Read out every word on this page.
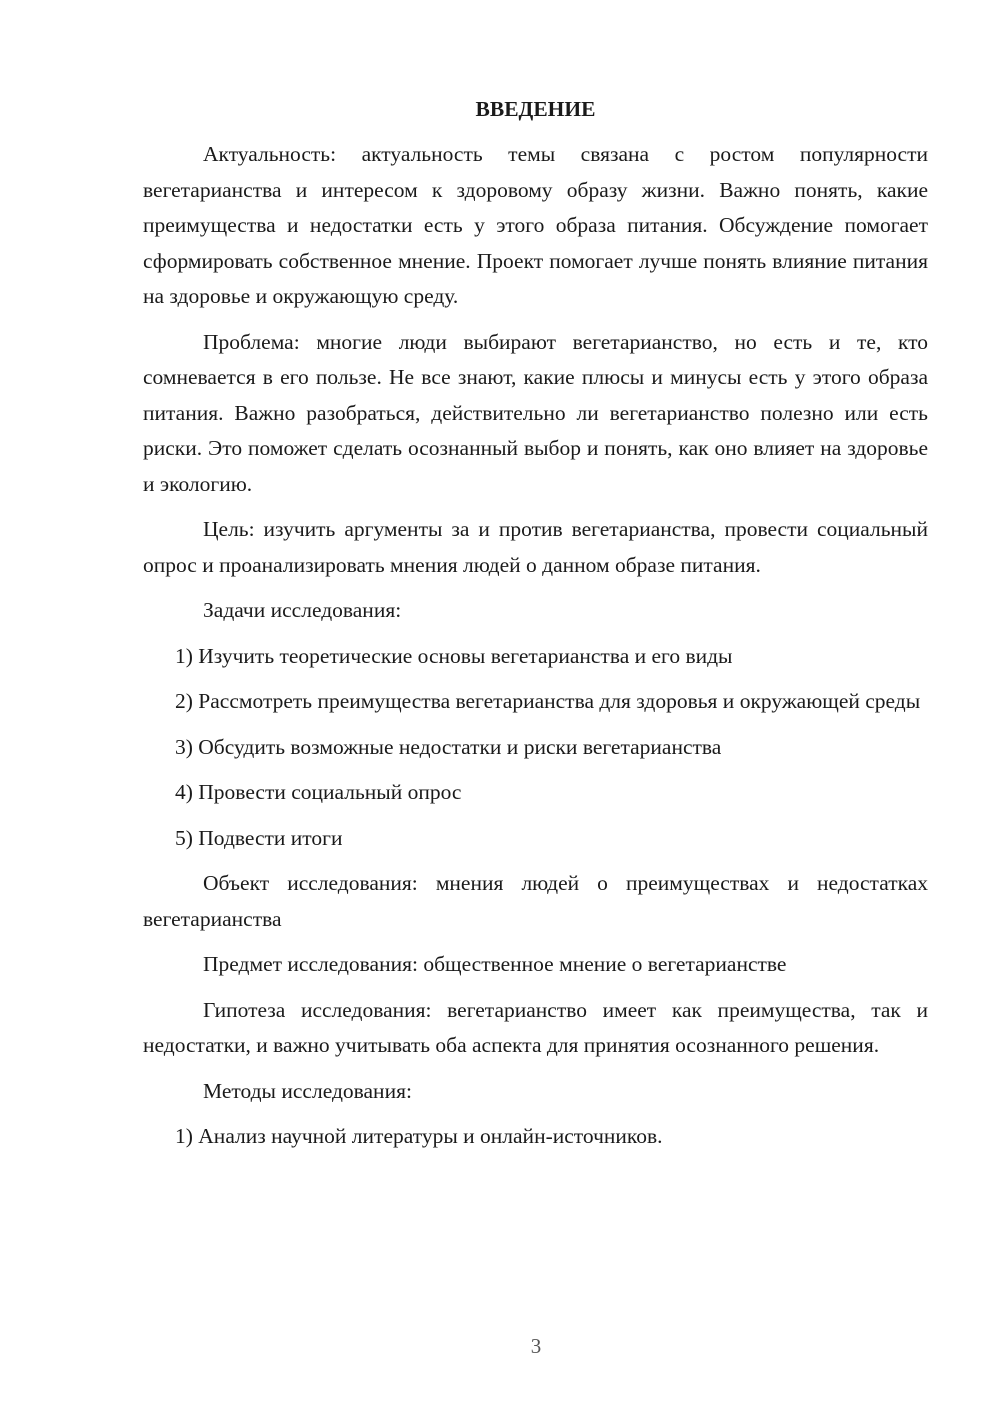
ВВЕДЕНИЕ
Актуальность: актуальность темы связана с ростом популярности вегетарианства и интересом к здоровому образу жизни. Важно понять, какие преимущества и недостатки есть у этого образа питания. Обсуждение помогает сформировать собственное мнение. Проект помогает лучше понять влияние питания на здоровье и окружающую среду.
Проблема: многие люди выбирают вегетарианство, но есть и те, кто сомневается в его пользе. Не все знают, какие плюсы и минусы есть у этого образа питания. Важно разобраться, действительно ли вегетарианство полезно или есть риски. Это поможет сделать осознанный выбор и понять, как оно влияет на здоровье и экологию.
Цель: изучить аргументы за и против вегетарианства, провести социальный опрос и проанализировать мнения людей о данном образе питания.
Задачи исследования:
1) Изучить теоретические основы вегетарианства и его виды
2) Рассмотреть преимущества вегетарианства для здоровья и окружающей среды
3) Обсудить возможные недостатки и риски вегетарианства
4) Провести социальный опрос
5) Подвести итоги
Объект исследования: мнения людей о преимуществах и недостатках вегетарианства
Предмет исследования: общественное мнение о вегетарианстве
Гипотеза исследования: вегетарианство имеет как преимущества, так и недостатки, и важно учитывать оба аспекта для принятия осознанного решения.
Методы исследования:
1) Анализ научной литературы и онлайн-источников.
3
